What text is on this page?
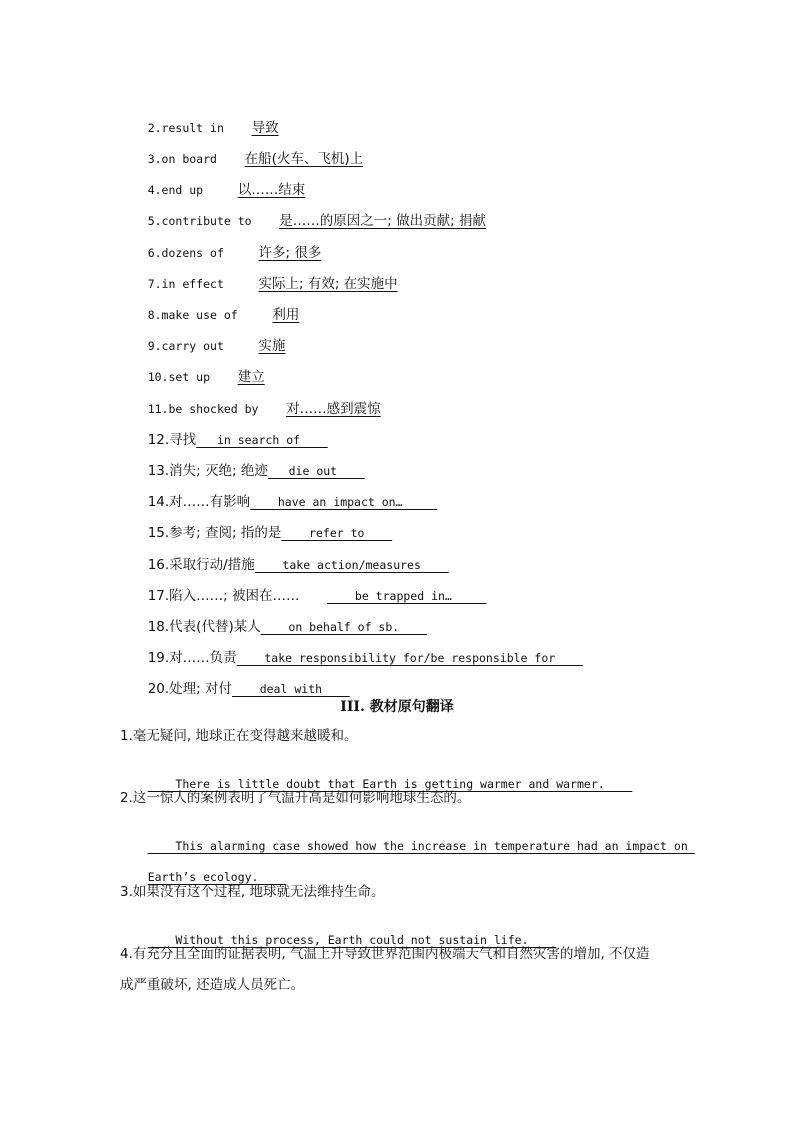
2.result in 导致

3.on board 在船(火车、飞机)上

4.end up	以……结束

5.contribute to 是……的原因之一; 做出贡献; 捐献

6.dozens of	许多; 很多

7.in effect	实际上; 有效; 在实施中

8.make use of	利用

9.carry out	实施

10.set up 建立

11.be shocked by 对……感到震惊

12.寻找   in search of

13.消失; 灭绝; 绝迹   die out

14.对……有影响    have an impact on…

15.参考; 查阅; 指的是    refer to

16.采取行动/措施    take action/measures

17.陷入……; 被困在……        be trapped in…

18.代表(代替)某人    on behalf of sb.

19.对……负责    take responsibility for/be responsible for

20.处理; 对付    deal with

III. 教材原句翻译
1.毫无疑问, 地球正在变得越来越暖和。

There is little doubt that Earth is getting warmer and warmer.

2.这一惊人的案例表明了气温升高是如何影响地球生态的。

This alarming case showed how the increase in temperature had an impact on

Earth’s ecology.

3.如果没有这个过程, 地球就无法维持生命。

Without this process, Earth could not sustain life.

4.有充分且全面的证据表明, 气温上升导致世界范围内极端天气和自然灾害的增加, 不仅造
成严重破坏, 还造成人员死亡。
